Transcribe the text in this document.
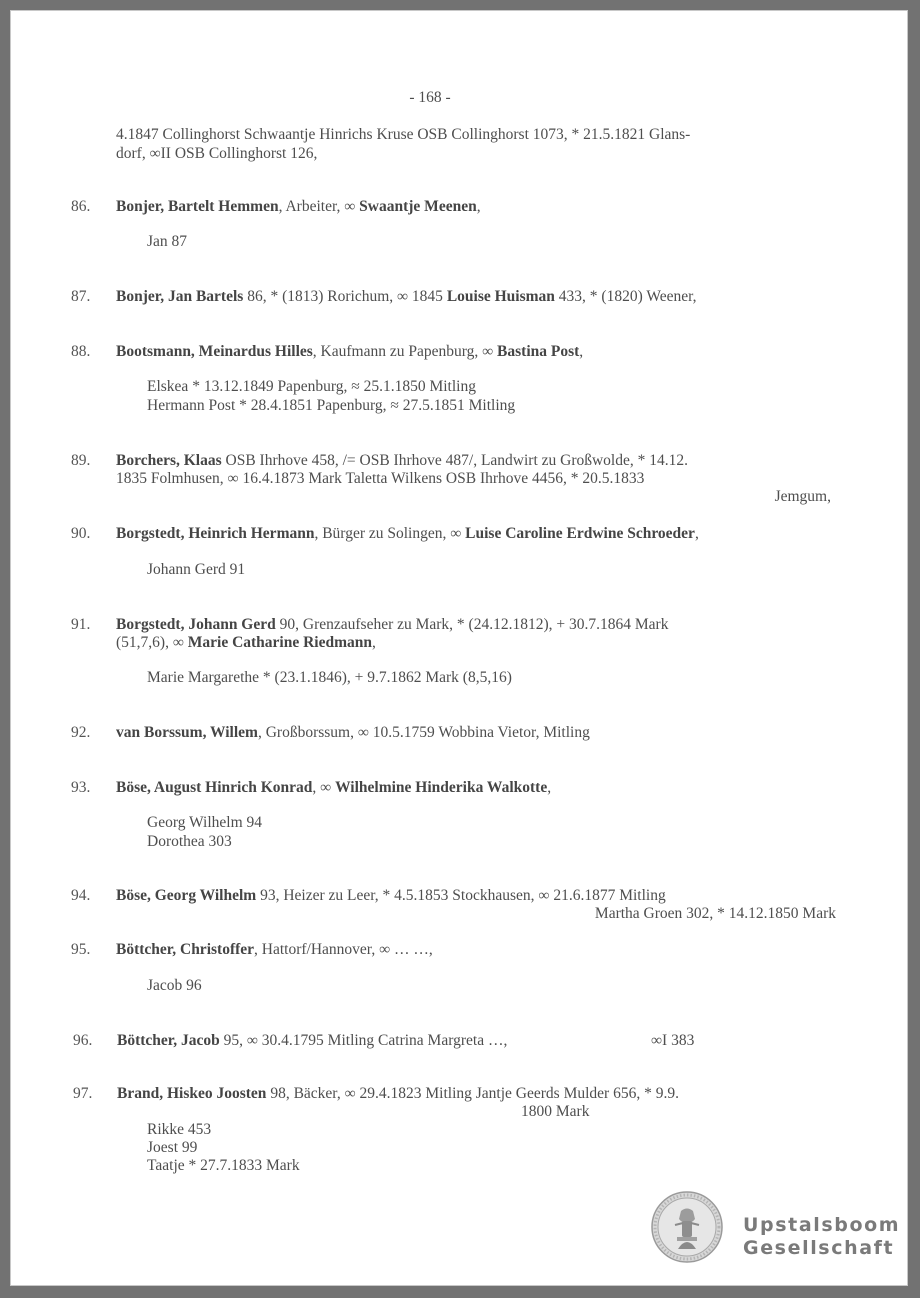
- 168 -
4.1847 Collinghorst Schwaantje Hinrichs Kruse OSB Collinghorst 1073, * 21.5.1821 Glans-
dorf, ∞II OSB Collinghorst 126,
86. Bonjer, Bartelt Hemmen, Arbeiter, ∞ Swaantje Meenen,
Jan 87
87. Bonjer, Jan Bartels 86, * (1813) Rorichum, ∞ 1845 Louise Huisman 433, * (1820) Weener,
88. Bootsmann, Meinardus Hilles, Kaufmann zu Papenburg, ∞ Bastina Post,
Elskea * 13.12.1849 Papenburg, ≈ 25.1.1850 Mitling
Hermann Post * 28.4.1851 Papenburg, ≈ 27.5.1851 Mitling
89. Borchers, Klaas OSB Ihrhove 458, /= OSB Ihrhove 487/, Landwirt zu Großwolde, * 14.12.
1835 Folmhusen, ∞ 16.4.1873 Mark Taletta Wilkens OSB Ihrhove 4456, * 20.5.1833
Jemgum,
90. Borgstedt, Heinrich Hermann, Bürger zu Solingen, ∞ Luise Caroline Erdwine Schroeder,
Johann Gerd 91
91. Borgstedt, Johann Gerd 90, Grenzaufseher zu Mark, * (24.12.1812), + 30.7.1864 Mark
(51,7,6), ∞ Marie Catharine Riedmann,
Marie Margarethe * (23.1.1846), + 9.7.1862 Mark (8,5,16)
92. van Borssum, Willem, Großborssum, ∞ 10.5.1759 Wobbina Vietor, Mitling
93. Böse, August Hinrich Konrad, ∞ Wilhelmine Hinderika Walkotte,
Georg Wilhelm 94
Dorothea 303
94. Böse, Georg Wilhelm 93, Heizer zu Leer, * 4.5.1853 Stockhausen, ∞ 21.6.1877 Mitling
Martha Groen 302, * 14.12.1850 Mark
95. Böttcher, Christoffer, Hattorf/Hannover, ∞ … …,
Jacob 96
96. Böttcher, Jacob 95, ∞ 30.4.1795 Mitling Catrina Margreta …,	∞I 383
97. Brand, Hiskeo Joosten 98, Bäcker, ∞ 29.4.1823 Mitling Jantje Geerds Mulder 656, * 9.9.
1800 Mark
Rikke 453
Joest 99
Taatje * 27.7.1833 Mark
Upstalsboom
Gesellschaft
